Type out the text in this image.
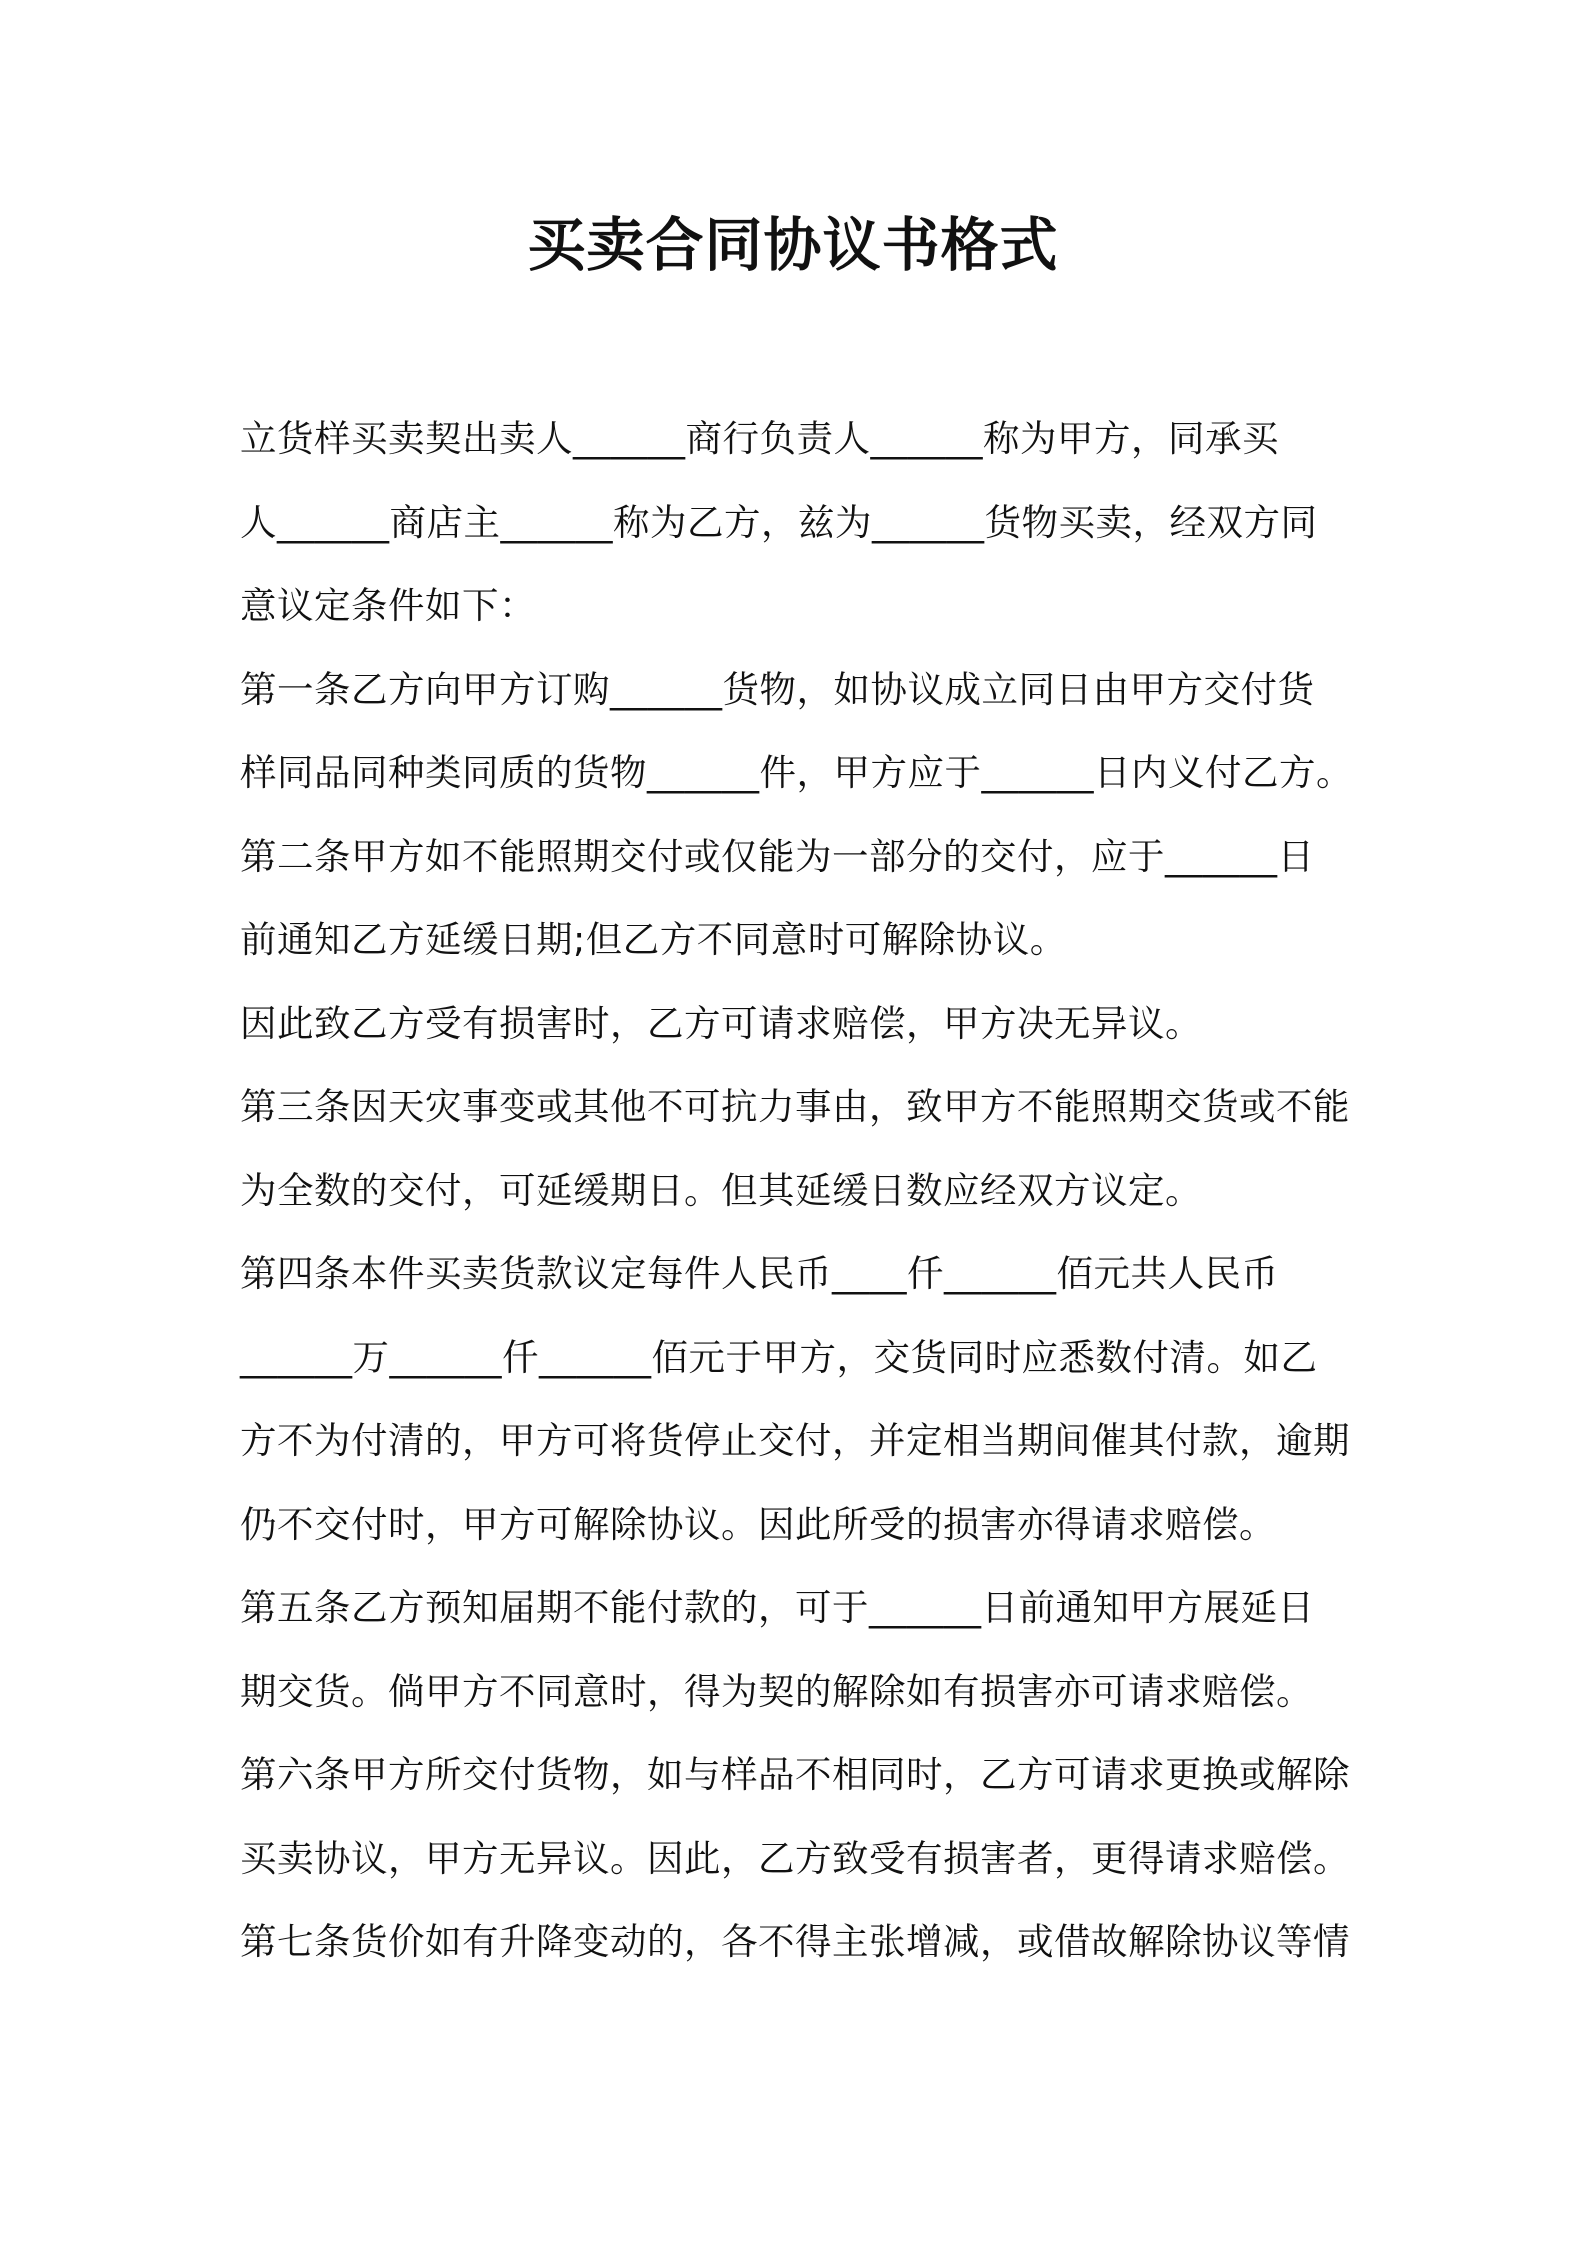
买卖合同协议书格式
立货样买卖契出卖人______商行负责人______称为甲方，同承买
人______商店主______称为乙方，兹为______货物买卖，经双方同
意议定条件如下：
第一条乙方向甲方订购______货物，如协议成立同日由甲方交付货
样同品同种类同质的货物______件，甲方应于______日内义付乙方。
第二条甲方如不能照期交付或仅能为一部分的交付，应于______日
前通知乙方延缓日期;但乙方不同意时可解除协议。
因此致乙方受有损害时，乙方可请求赔偿，甲方决无异议。
第三条因天灾事变或其他不可抗力事由，致甲方不能照期交货或不能
为全数的交付，可延缓期日。但其延缓日数应经双方议定。
第四条本件买卖货款议定每件人民币____仟______佰元共人民币
______万______仟______佰元于甲方，交货同时应悉数付清。如乙
方不为付清的，甲方可将货停止交付，并定相当期间催其付款，逾期
仍不交付时，甲方可解除协议。因此所受的损害亦得请求赔偿。
第五条乙方预知届期不能付款的，可于______日前通知甲方展延日
期交货。倘甲方不同意时，得为契的解除如有损害亦可请求赔偿。
第六条甲方所交付货物，如与样品不相同时，乙方可请求更换或解除
买卖协议，甲方无异议。因此，乙方致受有损害者，更得请求赔偿。
第七条货价如有升降变动的，各不得主张增减，或借故解除协议等情
